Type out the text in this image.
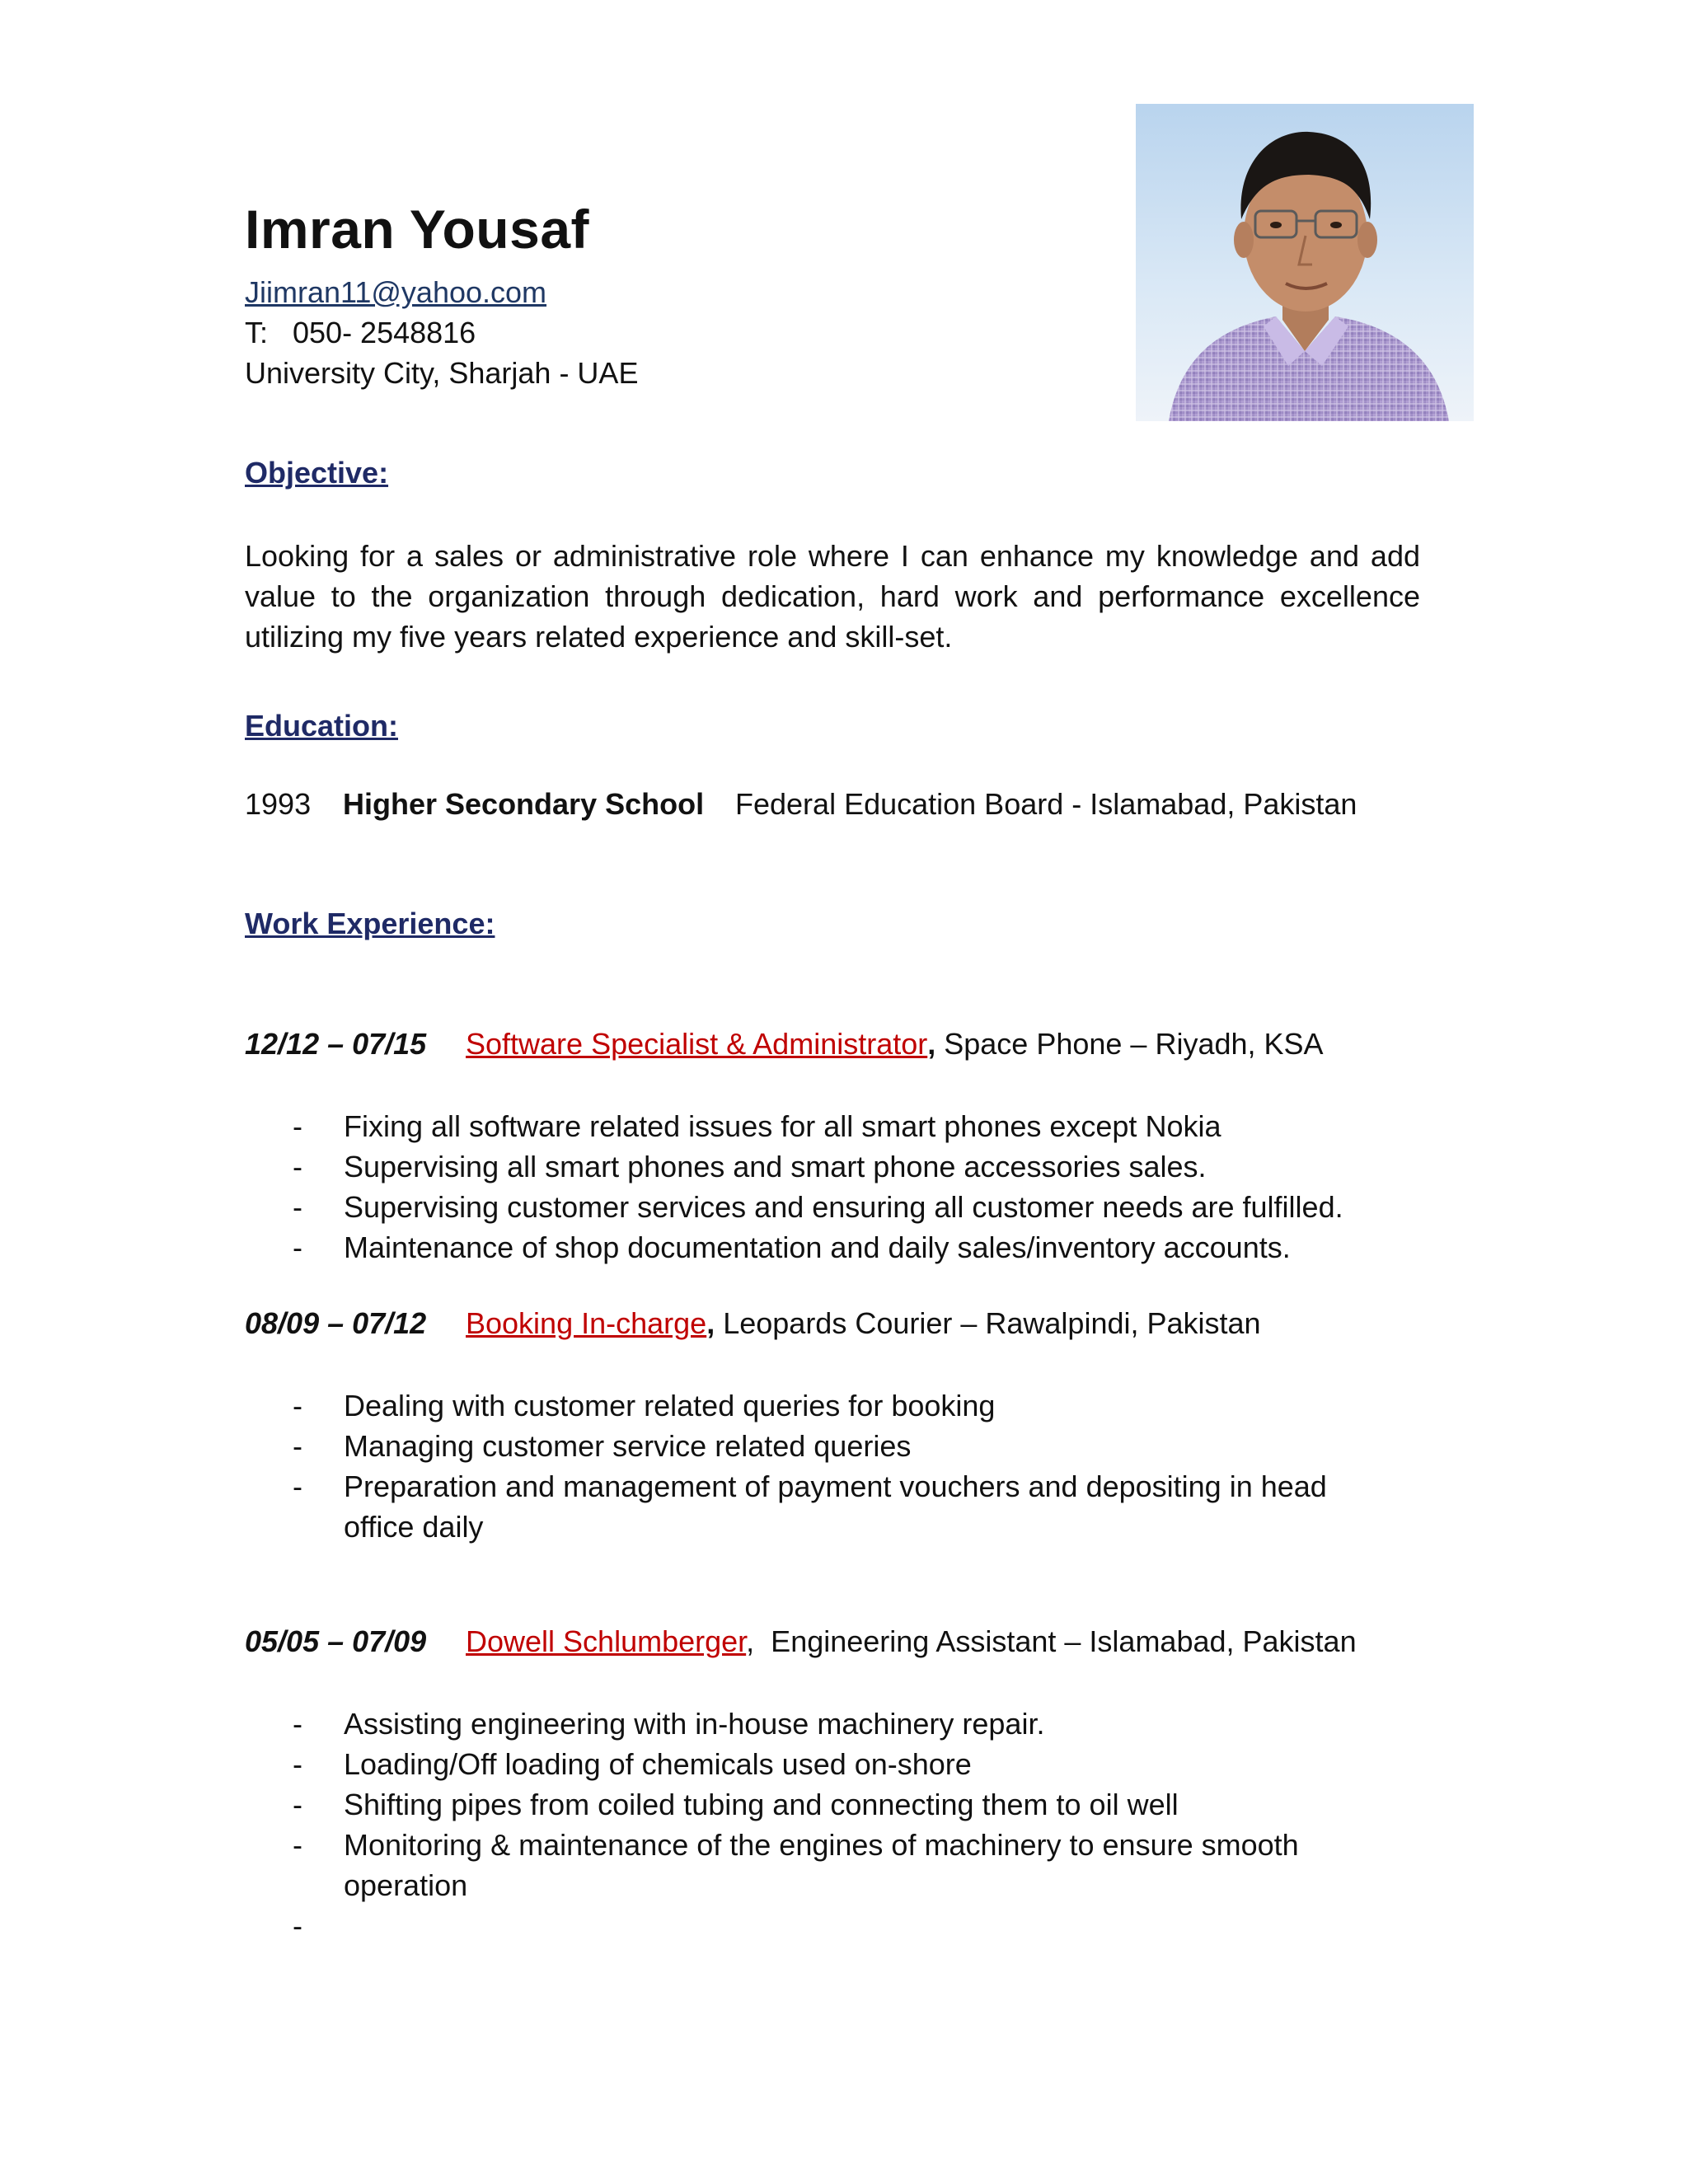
Imran Yousaf
Jiimran11@yahoo.com
T: 050- 2548816
University City, Sharjah - UAE
Objective:

Looking for a sales or administrative role where I can enhance my knowledge and add value to the organization through dedication, hard work and performance excellence utilizing my five years related experience and skill-set.

Education:
1993 Higher Secondary School Federal Education Board - Islamabad, Pakistan
Work Experience:
12/12 – 07/15 Software Specialist & Administrator, Space Phone – Riyadh, KSA
- Fixing all software related issues for all smart phones except Nokia
- Supervising all smart phones and smart phone accessories sales.
- Supervising customer services and ensuring all customer needs are fulfilled.
- Maintenance of shop documentation and daily sales/inventory accounts.
08/09 – 07/12 Booking In-charge, Leopards Courier – Rawalpindi, Pakistan
- Dealing with customer related queries for booking
- Managing customer service related queries
- Preparation and management of payment vouchers and depositing in head office daily
05/05 – 07/09 Dowell Schlumberger,  Engineering Assistant – Islamabad, Pakistan
- Assisting engineering with in-house machinery repair.
- Loading/Off loading of chemicals used on-shore
- Shifting pipes from coiled tubing and connecting them to oil well
- Monitoring & maintenance of the engines of machinery to ensure smooth operation
-
